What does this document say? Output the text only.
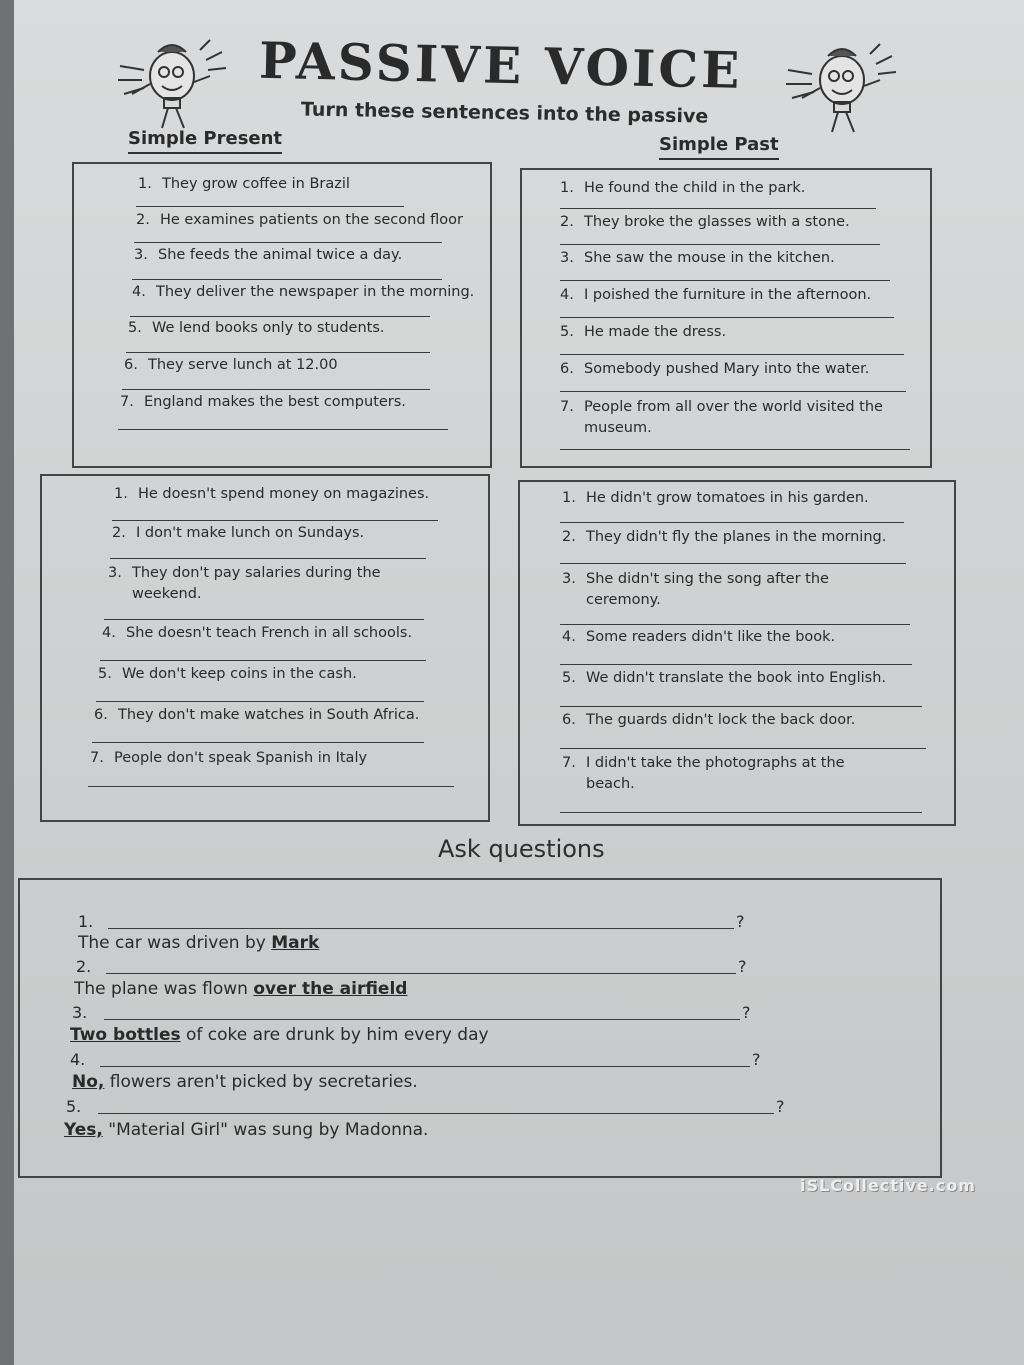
PASSIVE VOICE
Turn these sentences into the passive
Simple Present	Simple Past
1. They grow coffee in Brazil
2. He examines patients on the second floor
3. She feeds the animal twice a day.
4. They deliver the newspaper in the morning.
5. We lend books only to students.
6. They serve lunch at 12.00
7. England makes the best computers.
1. He found the child in the park.
2. They broke the glasses with a stone.
3. She saw the mouse in the kitchen.
4. I poished the furniture in the afternoon.
5. He made the dress.
6. Somebody pushed Mary into the water.
7. People from all over the world visited the museum.
1. He doesn't spend money on magazines.
2. I don't make lunch on Sundays.
3. They don't pay salaries during the weekend.
4. She doesn't teach French in all schools.
5. We don't keep coins in the cash.
6. They don't make watches in South Africa.
7. People don't speak Spanish in Italy
1. He didn't grow tomatoes in his garden.
2. They didn't fly the planes in the morning.
3. She didn't sing the song after the ceremony.
4. Some readers didn't like the book.
5. We didn't translate the book into English.
6. The guards didn't lock the back door.
7. I didn't take the photographs at the beach.
Ask questions
1.	?
The car was driven by Mark
2.	?
The plane was flown over the airfield
3.	?
Two bottles of coke are drunk by him every day
4.	?
No, flowers aren't picked by secretaries.
5.	?
Yes, "Material Girl" was sung by Madonna.
iSLCollective.com
